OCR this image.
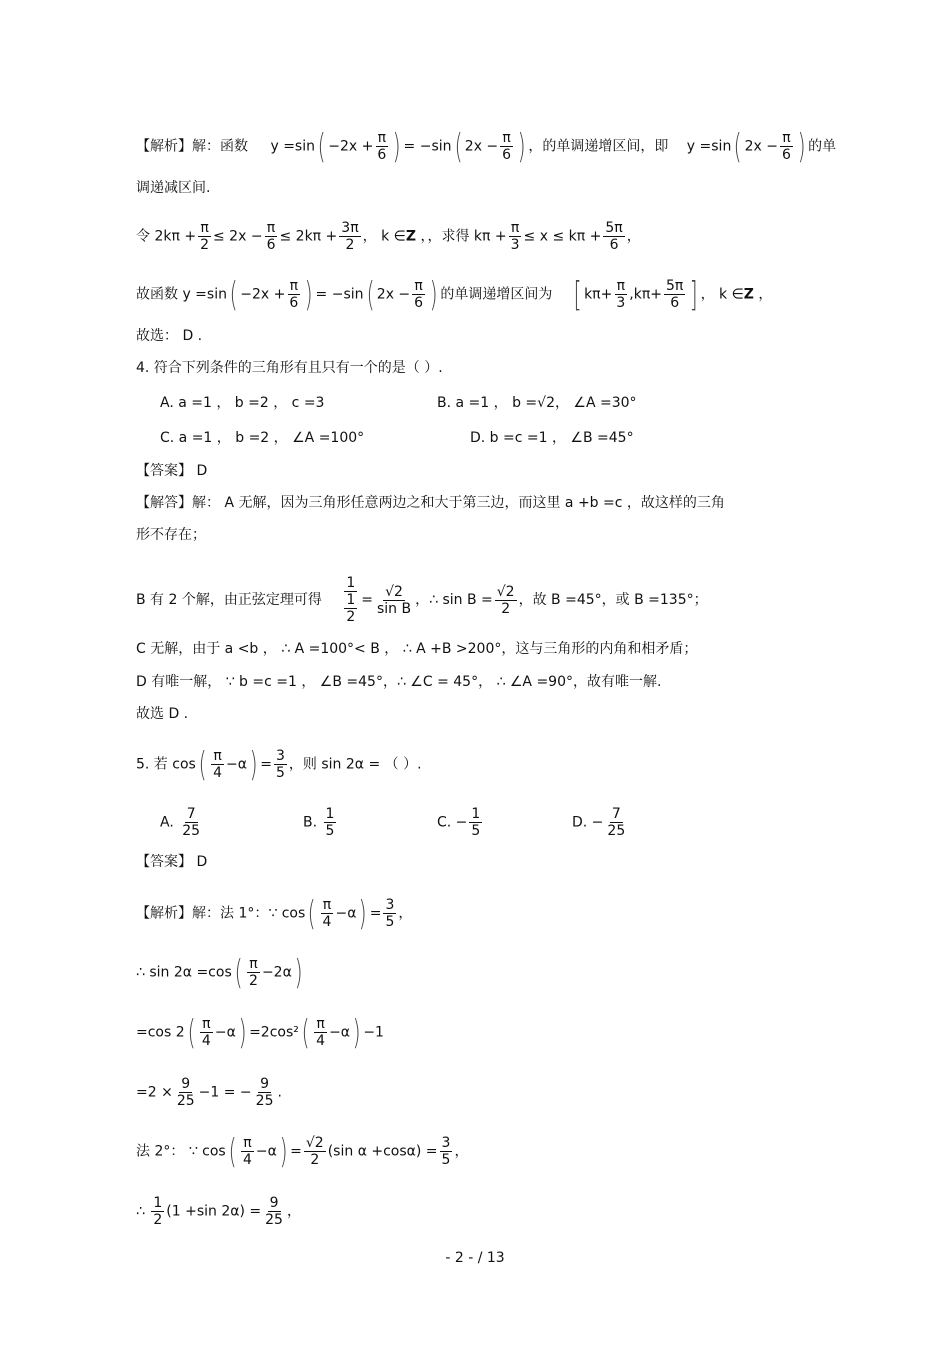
【解析】解：函数 $y =\sin( -2x + \frac{\pi}{6}$ ) = −sin( $2x - \frac{\pi}{6}$ ) ，的单调递增区间，即 y =sin( $2x - \frac{\pi}{6}$ ) 的单
调递减区间.
令 $2k\pi + \frac{\pi}{2} \le 2x - \frac{\pi}{6} \le 2k\pi + \frac{3\pi}{2}$ ， k ∈Z ，，求得 $k\pi + \frac{\pi}{3} \le x \le k\pi + \frac{5\pi}{6}$ ，
故函数 $y =\sin( -2x + \frac{\pi}{6}$ ) = −sin( $2x - \frac{\pi}{6}$ ) 的单调递增区间为 [ $k\pi+ \frac{\pi}{3} ,k\pi+ \frac{5\pi}{6}$ ] ， k ∈Z ，
故选： D .
4. 符合下列条件的三角形有且只有一个的是（ ）.
A. a =1 ， b =2 ， c =3	B. a =1 ， b =√2， ∠A =30°
C. a =1 ， b =2 ， ∠A =100°	D. b =c =1 ， ∠B =45°
【答案】 D
【解答】解： A 无解，因为三角形任意两边之和大于第三边，而这里 a +b =c ，故这样的三角
形不存在；
B 有 2 个解，由正弦定理可得 $\frac{1}{\frac{1}{2}} = \frac{√2}{\text{sin B}}$ ，∴ $\sin B = \frac{√2}{2}$ ，故 B =45°，或 B =135°；
C 无解，由于 a <b ， ∴ A =100°< B ， ∴ A +B >200°，这与三角形的内角和相矛盾；
D 有唯一解， ∵ b =c =1 ， ∠B =45°，∴ ∠C = 45°， ∴ ∠A =90°，故有唯一解.
故选 D .
5. 若 $\cos( \frac{\pi}{4} -\alpha) = \frac{3}{5}$ ，则 sin 2α = （ ）.
A. $\frac{7}{25}$	B. $\frac{1}{5}$	C. − $\frac{1}{5}$	D. − $\frac{7}{25}$
【答案】 D
【解析】解：法 1°：∵ $\cos( \frac{\pi}{4} -\alpha) = \frac{3}{5}$ ，
∴ $\sin 2\alpha =\cos( \frac{\pi}{2} -2\alpha)$
=cos $2( \frac{\pi}{4} -\alpha) =2\cos^2( \frac{\pi}{4} -\alpha) -1$
$=2 \times \frac{9}{25} -1$ = − $\frac{9}{25}$ .
法 2°： ∵ $\cos( \frac{\pi}{4} -\alpha) = \frac{√2}{2} (\sin$ $\alpha +\cos\alpha) = \frac{3}{5}$ ，
∴ $\frac{1}{2} (1 +\sin$ $2\alpha) = \frac{9}{25}$ ，
- 2 - / 13
